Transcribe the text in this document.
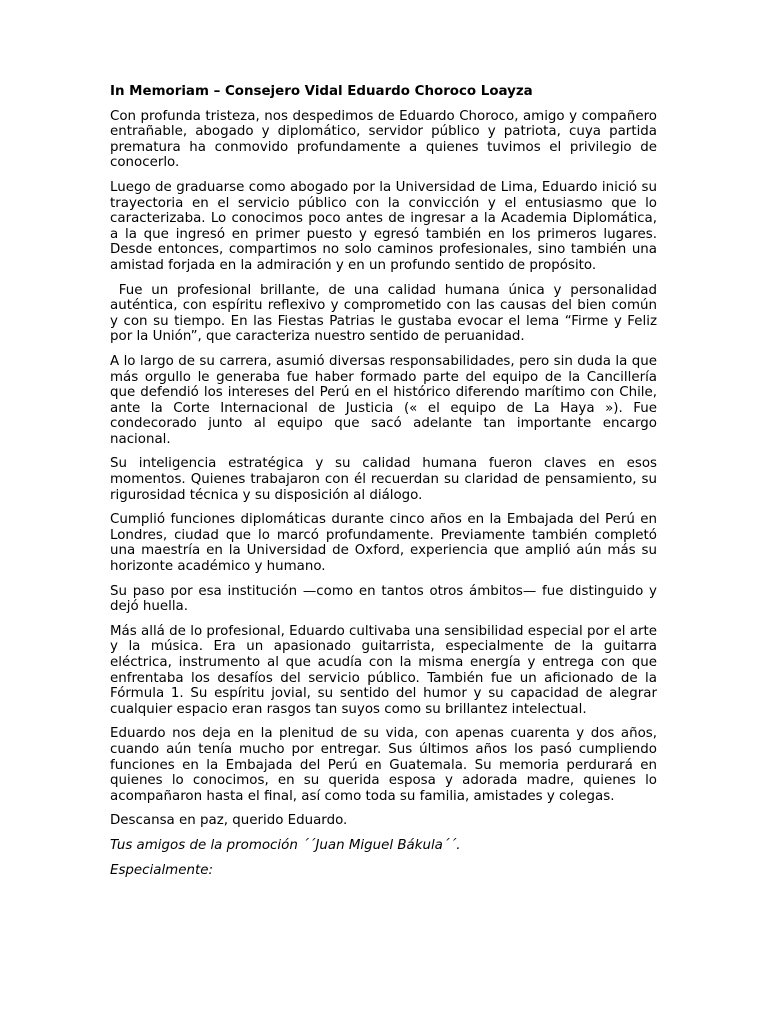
In Memoriam – Consejero Vidal Eduardo Choroco Loayza

Con profunda tristeza, nos despedimos de Eduardo Choroco, amigo y compañero entrañable, abogado y diplomático, servidor público y patriota, cuya partida prematura ha conmovido profundamente a quienes tuvimos el privilegio de conocerlo.

Luego de graduarse como abogado por la Universidad de Lima, Eduardo inició su trayectoria en el servicio público con la convicción y el entusiasmo que lo caracterizaba. Lo conocimos poco antes de ingresar a la Academia Diplomática, a la que ingresó en primer puesto y egresó también en los primeros lugares. Desde entonces, compartimos no solo caminos profesionales, sino también una amistad forjada en la admiración y en un profundo sentido de propósito.

Fue un profesional brillante, de una calidad humana única y personalidad auténtica, con espíritu reflexivo y comprometido con las causas del bien común y con su tiempo. En las Fiestas Patrias le gustaba evocar el lema “Firme y Feliz por la Unión”, que caracteriza nuestro sentido de peruanidad.

A lo largo de su carrera, asumió diversas responsabilidades, pero sin duda la que más orgullo le generaba fue haber formado parte del equipo de la Cancillería que defendió los intereses del Perú en el histórico diferendo marítimo con Chile, ante la Corte Internacional de Justicia (« el equipo de La Haya »). Fue condecorado junto al equipo que sacó adelante tan importante encargo nacional.

Su inteligencia estratégica y su calidad humana fueron claves en esos momentos. Quienes trabajaron con él recuerdan su claridad de pensamiento, su rigurosidad técnica y su disposición al diálogo.

Cumplió funciones diplomáticas durante cinco años en la Embajada del Perú en Londres, ciudad que lo marcó profundamente. Previamente también completó una maestría en la Universidad de Oxford, experiencia que amplió aún más su horizonte académico y humano.

Su paso por esa institución —como en tantos otros ámbitos— fue distinguido y dejó huella.

Más allá de lo profesional, Eduardo cultivaba una sensibilidad especial por el arte y la música. Era un apasionado guitarrista, especialmente de la guitarra eléctrica, instrumento al que acudía con la misma energía y entrega con que enfrentaba los desafíos del servicio público. También fue un aficionado de la Fórmula 1. Su espíritu jovial, su sentido del humor y su capacidad de alegrar cualquier espacio eran rasgos tan suyos como su brillantez intelectual.

Eduardo nos deja en la plenitud de su vida, con apenas cuarenta y dos años, cuando aún tenía mucho por entregar. Sus últimos años los pasó cumpliendo funciones en la Embajada del Perú en Guatemala. Su memoria perdurará en quienes lo conocimos, en su querida esposa y adorada madre, quienes lo acompañaron hasta el final, así como toda su familia, amistades y colegas.

Descansa en paz, querido Eduardo.

Tus amigos de la promoción ´´Juan Miguel Bákula´´.

Especialmente:
